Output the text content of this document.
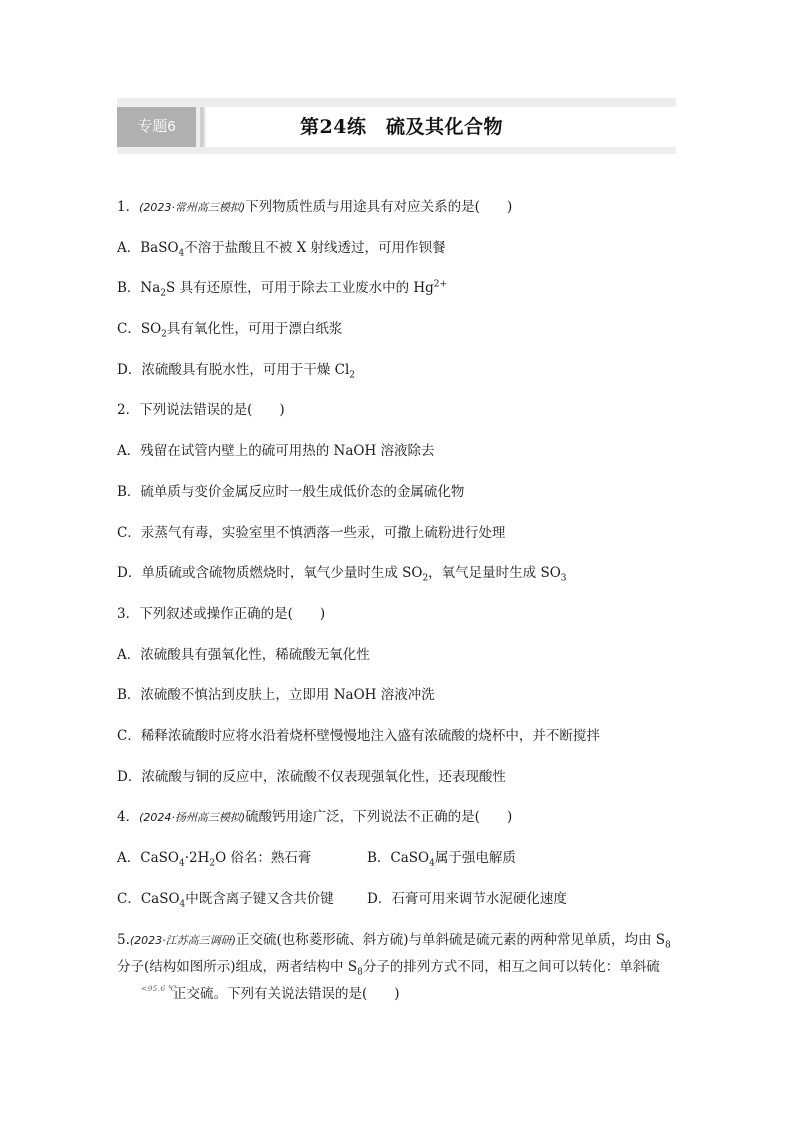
专题6	第24练　硫及其化合物
1．(2023·常州高三模拟)下列物质性质与用途具有对应关系的是(　　)
A．BaSO$_4$不溶于盐酸且不被 X 射线透过，可用作钡餐
B．$Na_2S$ 具有还原性，可用于除去工业废水中的 $Hg^{2+}$
C．$SO_2$具有氧化性，可用于漂白纸浆
D．浓硫酸具有脱水性，可用于干燥 $Cl_2$
2．下列说法错误的是(　　)
A．残留在试管内壁上的硫可用热的 NaOH 溶液除去
B．硫单质与变价金属反应时一般生成低价态的金属硫化物
C．汞蒸气有毒，实验室里不慎洒落一些汞，可撒上硫粉进行处理
D．单质硫或含硫物质燃烧时，氧气少量时生成 $SO_2$，氧气足量时生成 $SO_3$
3．下列叙述或操作正确的是(　　)
A．浓硫酸具有强氧化性，稀硫酸无氧化性
B．浓硫酸不慎沾到皮肤上，立即用 NaOH 溶液冲洗
C．稀释浓硫酸时应将水沿着烧杯壁慢慢地注入盛有浓硫酸的烧杯中，并不断搅拌
D．浓硫酸与铜的反应中，浓硫酸不仅表现强氧化性，还表现酸性
4．(2024·扬州高三模拟)硫酸钙用途广泛，下列说法不正确的是(　　)
A．$CaSO_4\cdot 2H_2O$ 俗名：熟石膏	B．CaSO$_4$属于强电解质
C．CaSO$_4$中既含离子键又含共价键	D．石膏可用来调节水泥硬化速度
5.(2023·江苏高三调研)正交硫(也称菱形硫、斜方硫)与单斜硫是硫元素的两种常见单质，均由 $S_8$分子(结构如图所示)组成，两者结构中 $S_8$分子的排列方式不同，相互之间可以转化：单斜硫正交硫。下列有关说法错误的是(　　)
<95.6 ℃
